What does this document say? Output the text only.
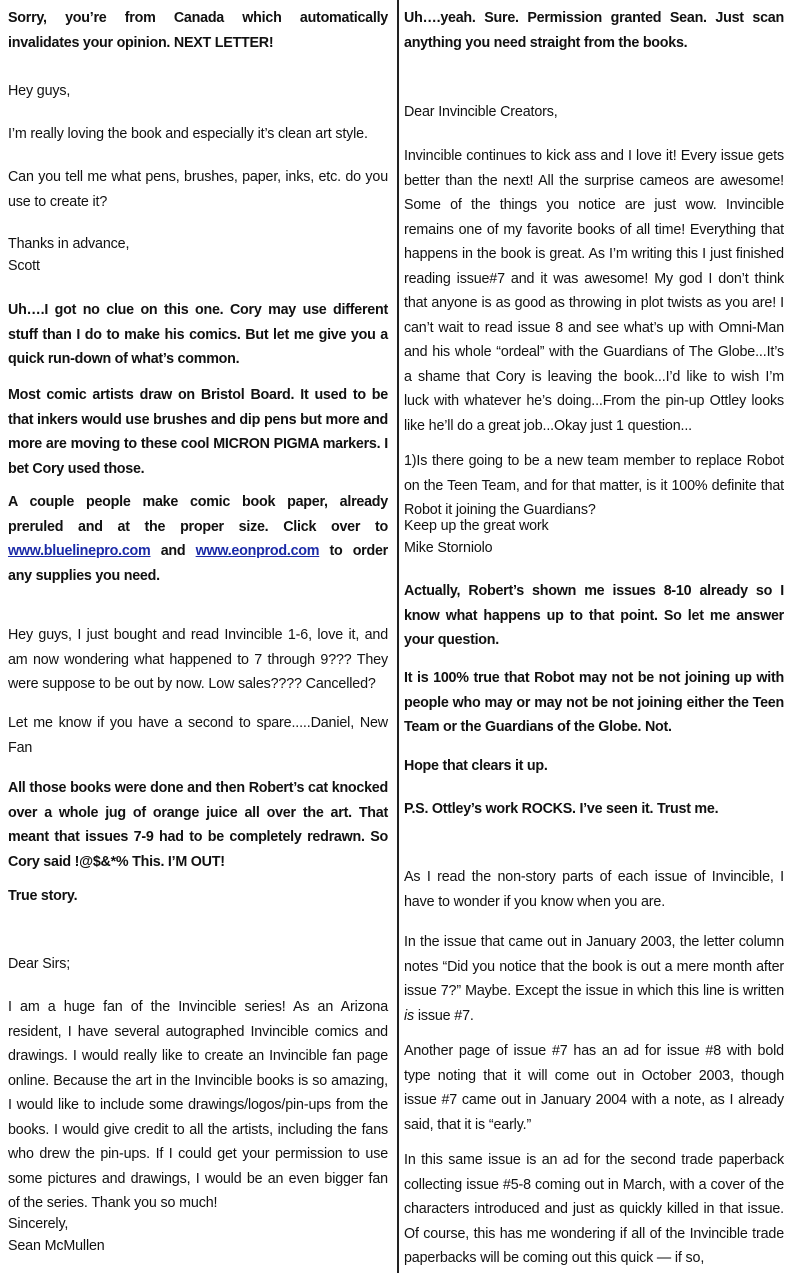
Sorry, you’re from Canada which automatically invalidates your opinion. NEXT LETTER!

Hey guys,

I’m really loving the book and especially it’s clean art style.

Can you tell me what pens, brushes, paper, inks, etc. do you use to create it?

Thanks in advance,

Scott

Uh….I got no clue on this one. Cory may use different stuff than I do to make his comics. But let me give you a quick run-down of what’s common.

Most comic artists draw on Bristol Board. It used to be that inkers would use brushes and dip pens but more and more are moving to these cool MICRON PIGMA markers. I bet Cory used those.

A couple people make comic book paper, already preruled and at the proper size. Click over to www.bluelinepro.com and www.eonprod.com to order any supplies you need.

Hey guys, I just bought and read Invincible 1-6, love it, and am now wondering what happened to 7 through 9??? They were suppose to be out by now. Low sales???? Cancelled?

Let me know if you have a second to spare.....Daniel, New Fan

All those books were done and then Robert’s cat knocked over a whole jug of orange juice all over the art. That meant that issues 7-9 had to be completely redrawn. So Cory said !@$&*% This. I’M OUT!

True story.

Dear Sirs;

I am a huge fan of the Invincible series! As an Arizona resident, I have several autographed Invincible comics and drawings. I would really like to create an Invincible fan page online. Because the art in the Invincible books is so amazing, I would like to include some drawings/logos/pin-ups from the books. I would give credit to all the artists, including the fans who drew the pin-ups. If I could get your permission to use some pictures and drawings, I would be an even bigger fan of the series. Thank you so much!

Sincerely,

Sean McMullen

Uh….yeah. Sure. Permission granted Sean. Just scan anything you need straight from the books.

Dear Invincible Creators,

Invincible continues to kick ass and I love it! Every issue gets better than the next! All the surprise cameos are awesome! Some of the things you notice are just wow. Invincible remains one of my favorite books of all time! Everything that happens in the book is great. As I’m writing this I just finished reading issue#7 and it was awesome! My god I don’t think that anyone is as good as throwing in plot twists as you are! I can’t wait to read issue 8 and see what’s up with Omni-Man and his whole “ordeal” with the Guardians of The Globe...It’s a shame that Cory is leaving the book...I’d like to wish I’m luck with whatever he’s doing...From the pin-up Ottley looks like he’ll do a great job...Okay just 1 question...

1)Is there going to be a new team member to replace Robot on the Teen Team, and for that matter, is it 100% definite that Robot it joining the Guardians?

Keep up the great work

Mike Storniolo

Actually, Robert’s shown me issues 8-10 already so I know what happens up to that point. So let me answer your question.

It is 100% true that Robot may not be not joining up with people who may or may not be not joining either the Teen Team or the Guardians of the Globe. Not.

Hope that clears it up.

P.S. Ottley’s work ROCKS. I’ve seen it. Trust me.

As I read the non-story parts of each issue of Invincible, I have to wonder if you know when you are.

In the issue that came out in January 2003, the letter column notes “Did you notice that the book is out a mere month after issue 7?” Maybe. Except the issue in which this line is written is issue #7.

Another page of issue #7 has an ad for issue #8 with bold type noting that it will come out in October 2003, though issue #7 came out in January 2004 with a note, as I already said, that it is “early.”

In this same issue is an ad for the second trade paperback collecting issue #5-8 coming out in March, with a cover of the characters introduced and just as quickly killed in that issue. Of course, this has me wondering if all of the Invincible trade paperbacks will be coming out this quick — if so,
